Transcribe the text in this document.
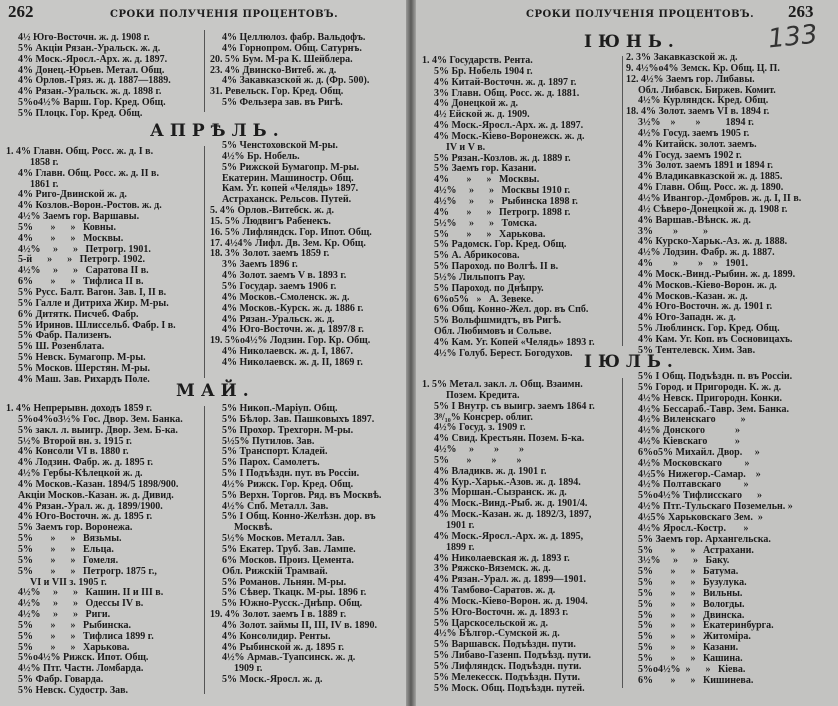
262	СРОКИ ПОЛУЧЕНІЯ ПРОЦЕНТОВЪ.
АПРѢЛЬ.
МАЙ.
4½ Юго-Восточн. ж. д. 1908 г.
5% Акціи Рязан.-Уральск. ж. д.
4% Моск.-Яросл.-Арх. ж. д. 1897.
4% Донец.-Юрьев. Метал. Общ.
4% Орлов.-Гряз. ж. д. 1887—1889.
4% Рязан.-Уральск. ж. д. 1898 г.
5%o4½% Варш. Гор. Кред. Общ.
5% Плоцк. Гор. Кред. Общ.
1. 4% Главн. Общ. Росс. ж. д. I в.
1858 г.
4% Главн. Общ. Росс. ж. д. II в.
1861 г.
4% Риго-Двинской ж. д.
4% Козлов.-Ворон.-Ростов. ж. д.
4½% Заемъ гор. Варшавы.
5%       »      »   Ковны.
4%       »      »   Москвы.
4½%     »      »   Петрогр. 1901.
5-й      »      »   Петрогр. 1902.
4½%     »      »   Саратова II в.
6%       »      »   Тифлиса II в.
5% Русс. Балт. Вагон. Зав. I, II в.
5% Галле и Дитриха Жир. М-ры.
6% Дитятк. Писчеб. Фабр.
5% Иринов. Шлиссельб. Фабр. I в.
5% Фабр. Пализенъ.
5% Ш. Розенблата.
5% Невск. Бумагопр. М-ры.
5% Москов. Шерстян. М-ры.
4% Маш. Зав. Рихардъ Поле.
1. 4% Непрерывн. доходъ 1859 г.
5%o4%o3½% Гос. Двор. Зем. Банка.
5% закл. л. выигр. Двор. Зем. Б-ка.
5½% Второй вн. з. 1915 г.
4% Консоли VI в. 1880 г.
4% Лодзин. Фабр. ж. д. 1895 г.
4½% Гербы-Кѣлецкой ж. д.
4% Москов.-Казан. 1894/5 1898/900.
Акціи Москов.-Казан. ж. д. Дивид.
4% Рязан.-Урал. ж. д. 1899/1900.
4% Юго-Восточн. ж. д. 1895 г.
5% Заемъ гор. Воронежа.
5%       »      »   Вязьмы.
5%       »      »   Ельца.
5%       »      »   Гомеля.
5%       »      »   Петрогр. 1875 г.,
VI и VII з. 1905 г.
4½%     »      »   Кашин. II и III в.
4½%     »      »   Одессы IV в.
4½%     »      »   Риги.
5%       »      »   Рыбинска.
5%       »      »   Тифлиса 1899 г.
5%       »      »   Харькова.
5%o4½% Рижск. Ипот. Общ.
4½% Птг. Частн. Ломбарда.
5% Фабр. Говарда.
5% Невск. Судостр. Зав.
4% Целлюлоз. фабр. Вальдофъ.
4% Горнопром. Общ. Сатурнъ.
20. 5% Бум. М-ра К. Шейблера.
23. 4% Двинско-Витеб. ж. д.
4% Закавказской ж. д. (Фр. 500).
31. Ревельск. Гор. Кред. Общ.
5% Фельзера зав. въ Ригѣ.
5% Ченстоховской М-ры.
4½% Бр. Нобель.
5% Рижской Бумагопр. М-ры.
Екатерин. Машиностр. Общ.
Кам. Уг. копей «Челядь» 1897.
Астраханск. Рельсов. Путей.
5. 4% Орлов.-Витебск. ж. д.
15. 5% Людвигъ Рабенекъ.
16. 5% Лифляндск. Гор. Ипот. Общ.
17. 4½4% Лифл. Дв. Зем. Кр. Общ.
18. 3% Золот. заемъ 1859 г.
3% Заемъ 1896 г.
4% Золот. заемъ V в. 1893 г.
5% Государ. заемъ 1906 г.
4% Москов.-Смоленск. ж. д.
4% Москов.-Курск. ж. д. 1886 г.
4% Рязан.-Уральск. ж. д.
4% Юго-Восточн. ж. д. 1897/8 г.
19. 5%o4½% Лодзин. Гор. Кр. Общ.
4% Николаевск. ж. д. I, 1867.
4% Николаевск. ж. д. II, 1869 г.
5% Никоп.-Маріуп. Общ.
5% Бѣлор. Зав. Пашковыхъ 1897.
5% Прохор. Трехгорн. М-ры.
5½5% Путилов. Зав.
5% Транспорт. Кладей.
5% Парох. Самолетъ.
5% I Подъѣздн. пут. въ Россіи.
4½% Рижск. Гор. Кред. Общ.
5% Верхн. Торгов. Ряд. въ Москвѣ.
4½% Спб. Металл. Зав.
5% I Общ. Конно-Желѣзн. дор. въ
Москвѣ.
5½% Москов. Металл. Зав.
5% Екатер. Труб. Зав. Лампе.
6% Москов. Произ. Цемента.
Обл. Рижскій Трамвай.
5% Романов. Льнян. М-ры.
5% Сѣвер. Ткацк. М-ры. 1896 г.
5% Южно-Русск.-Днѣпр. Общ.
19. 4% Золот. заемъ I в. 1889 г.
4% Золот. займы II, III, IV в. 1890.
4% Консолидир. Ренты.
4% Рыбинской ж. д. 1895 г.
4½% Армав.-Туапсинск. ж. д.
1909 г.
5% Моск.-Яросл. ж. д.
СРОКИ ПОЛУЧЕНІЯ ПРОЦЕНТОВЪ. 263
133
ІЮНЬ.
ІЮЛЬ.
1. 4% Государств. Рента.
5% Бр. Нобель 1904 г.
4% Китай-Восточн. ж. д. 1897 г.
3% Главн. Общ. Росс. ж. д. 1881.
4% Донецкой ж. д.
4½ Ейской ж. д. 1909.
4% Моск.-Яросл.-Арх. ж. д. 1897.
4% Моск.-Кіево-Воронежск. ж. д.
IV и V в.
5% Рязан.-Козлов. ж. д. 1889 г.
5% Заемъ гор. Казани.
4%       »      »   Москвы.
4½%     »      »   Москвы 1910 г.
4½%     »      »   Рыбинска 1898 г.
4%       »      »   Петрогр. 1898 г.
5½%     »      »   Томска.
5%       »      »   Харькова.
5% Радомск. Гор. Кред. Общ.
5% А. Абрикосова.
5% Пароход. по Волгѣ. II в.
5½% Лильпопъ Рау.
5% Пароход. по Днѣпру.
6%o5%   »   А. Зевеке.
6% Общ. Конно-Жел. дор. въ Спб.
5% Вольфшмидтъ, въ Ригѣ.
Обл. Любимовъ и Сольве.
4% Кам. Уг. Копей «Челядь» 1893 г.
4½% Голуб. Берест. Богодухов.
1. 5% Метал. закл. л. Общ. Взаимн.
Позем. Кредита.
5% I Внутр. съ выигр. заемъ 1864 г.
3⁸/₁₀% Консрер. облиг.
4½% Госуд. з. 1909 г.
4% Свид. Крестьян. Позем. Б-ка.
4½%     »        »        »
5%       »        »        »
4% Владикв. ж. д. 1901 г.
4% Кур.-Харьк.-Азов. ж. д. 1894.
3% Моршан.-Сызранск. ж. д.
4% Моск.-Винд.-Рыб. ж. д. 1901/4.
4% Моск.-Казан. ж. д. 1892/3, 1897,
1901 г.
4% Моск.-Яросл.-Арх. ж. д. 1895,
1899 г.
4% Николаевская ж. д. 1893 г.
3% Ряжско-Вяземск. ж. д.
4% Рязан.-Урал. ж. д. 1899—1901.
4% Тамбово-Саратов. ж. д.
4% Моск.-Кіево-Ворон. ж. д. 1904.
5% Юго-Восточн. ж. д. 1893 г.
5% Царскосельской ж. д.
4½% Бѣлгор.-Сумской ж. д.
5% Варшавск. Подъѣздн. пути.
5% Либаво-Газенп. Подъѣзд. пути.
5% Лифляндск. Подъѣздн. пути.
5% Мелекесск. Подъѣздн. Пути.
5% Моск. Общ. Подъѣздн. путей.
2. 3% Закавказской ж. д.
9. 4½%o4% Земск. Кр. Общ. Ц. П.
12. 4½% Заемъ гор. Либавы.
Обл. Либавск. Биржев. Комит.
4½% Курляндск. Кред. Общ.
18. 4% Золот. заемъ VI в. 1894 г.
3½%    »        »          1894 г.
4½% Госуд. заемъ 1905 г.
4% Китайск. золот. заемъ.
4% Госуд. заемъ 1902 г.
3% Золот. заемъ 1891 и 1894 г.
4% Владикавказской ж. д. 1885.
4% Главн. Общ. Росс. ж. д. 1890.
4½% Ивангор.-Домбров. ж. д. I, II в.
4½ Сѣверо-Донецкой ж. д. 1908 г.
4% Варшав.-Вѣнск. ж. д.
3%        »          »
4% Курско-Харьк.-Аз. ж. д. 1888.
4½% Лодзин. Фабр. ж. д. 1887.
4%        »        »    »   1901.
4% Моск.-Винд.-Рыбин. ж. д. 1899.
4% Москов.-Кіево-Ворон. ж. д.
4% Москов.-Казан. ж. д.
4% Юго-Восточн. ж. д. 1901 г.
4% Юго-Западн. ж. д.
5% Люблинск. Гор. Кред. Общ.
4% Кам. Уг. Коп. въ Сосновицахъ.
5% Тентелевск. Хим. Зав.
5% I Общ. Подъѣздн. п. въ Россіи.
5% Город. и Пригородн. К. ж. д.
4½% Невск. Пригородн. Конки.
4½% Бессараб.-Тавр. Зем. Банка.
4½% Виленскаго          »
4½% Донского            »
4½% Кіевскаго           »
6%o5% Михайл. Двор.     »
4½% Московскаго         »
4½5% Нижегор.-Самар.    »
4½% Полтавскаго         »
5%o4½% Тифлисскаго      »
4½% Птг.-Тульскаго Поземельн. »
4½5% Харьковскаго Зем.  »
4½% Яросл.-Костр.       »
5% Заемъ гор. Архангельска.
5%       »      »   Астрахани.
3½%     »      »   Баку.
5%       »      »   Батума.
5%       »      »   Бузулука.
5%       »      »   Вильны.
5%       »      »   Вологды.
5%       »      »   Двинска.
5%       »      »   Екатеринбурга.
5%       »      »   Житоміра.
5%       »      »   Казани.
5%       »      »   Кашина.
5%o4½%  »      »   Кіева.
6%       »      »   Кишинева.
